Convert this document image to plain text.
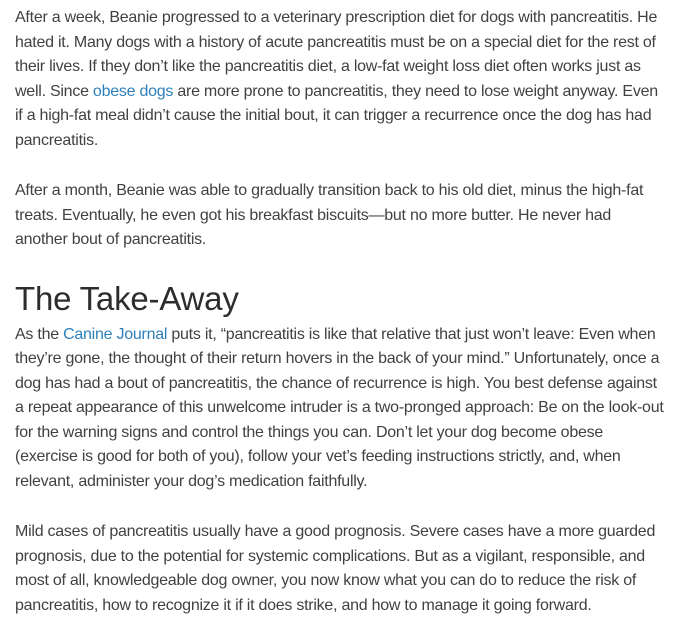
After a week, Beanie progressed to a veterinary prescription diet for dogs with pancreatitis. He hated it. Many dogs with a history of acute pancreatitis must be on a special diet for the rest of their lives. If they don’t like the pancreatitis diet, a low-fat weight loss diet often works just as well. Since obese dogs are more prone to pancreatitis, they need to lose weight anyway. Even if a high-fat meal didn’t cause the initial bout, it can trigger a recurrence once the dog has had pancreatitis.

After a month, Beanie was able to gradually transition back to his old diet, minus the high-fat treats. Eventually, he even got his breakfast biscuits—but no more butter. He never had another bout of pancreatitis.

The Take-Away

As the Canine Journal puts it, “pancreatitis is like that relative that just won’t leave: Even when they’re gone, the thought of their return hovers in the back of your mind.” Unfortunately, once a dog has had a bout of pancreatitis, the chance of recurrence is high. You best defense against a repeat appearance of this unwelcome intruder is a two-pronged approach: Be on the look-out for the warning signs and control the things you can. Don’t let your dog become obese (exercise is good for both of you), follow your vet’s feeding instructions strictly, and, when relevant, administer your dog’s medication faithfully.

Mild cases of pancreatitis usually have a good prognosis. Severe cases have a more guarded prognosis, due to the potential for systemic complications. But as a vigilant, responsible, and most of all, knowledgeable dog owner, you now know what you can do to reduce the risk of pancreatitis, how to recognize it if it does strike, and how to manage it going forward.
